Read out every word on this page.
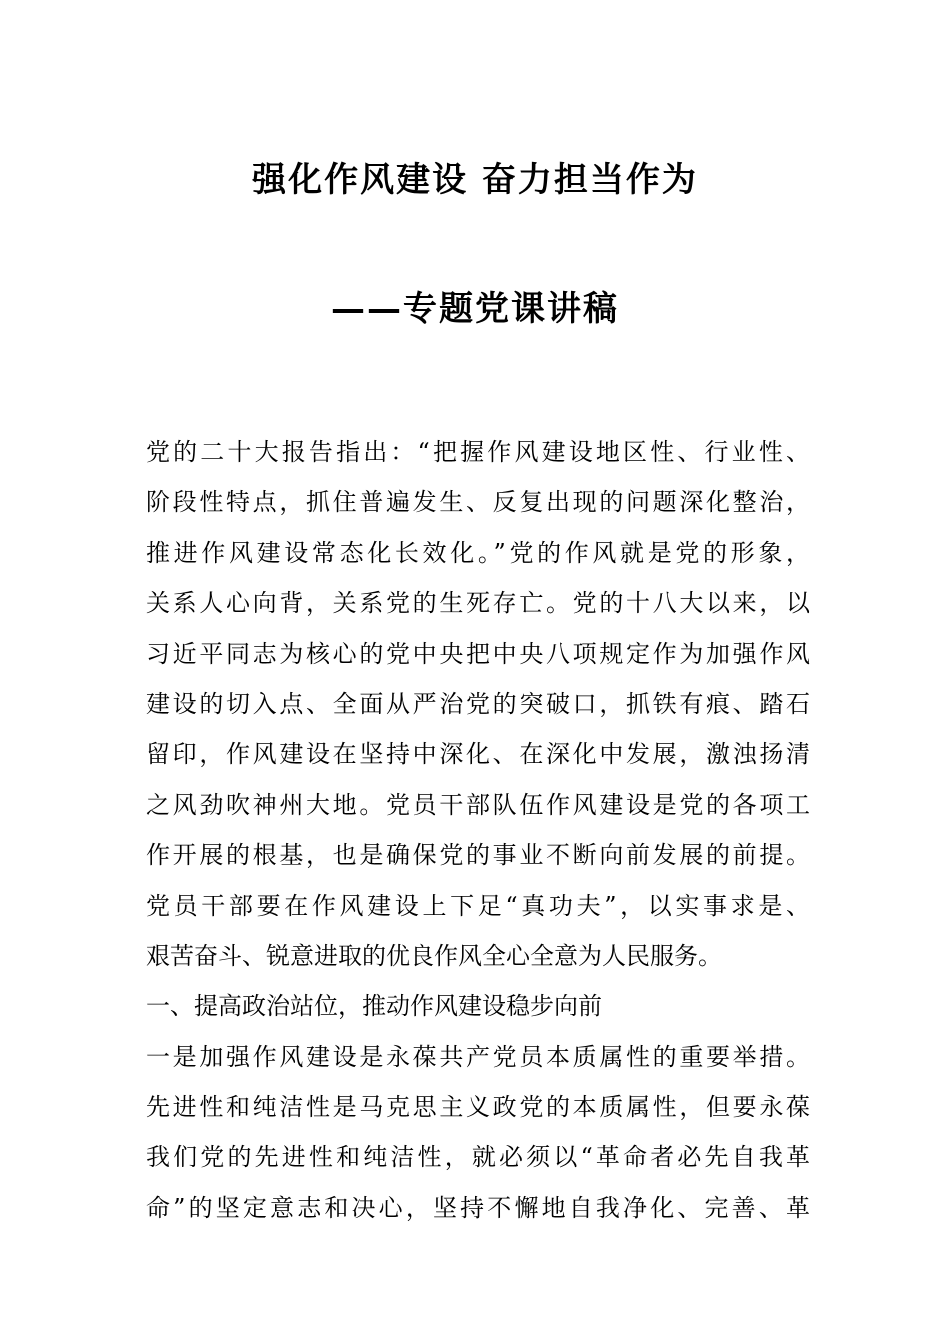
强化作风建设 奋力担当作为
——专题党课讲稿
党的二十大报告指出：“把握作风建设地区性、行业性、
阶段性特点，抓住普遍发生、反复出现的问题深化整治，
推进作风建设常态化长效化。”党的作风就是党的形象，
关系人心向背，关系党的生死存亡。党的十八大以来，以
习近平同志为核心的党中央把中央八项规定作为加强作风
建设的切入点、全面从严治党的突破口，抓铁有痕、踏石
留印，作风建设在坚持中深化、在深化中发展，激浊扬清
之风劲吹神州大地。党员干部队伍作风建设是党的各项工
作开展的根基，也是确保党的事业不断向前发展的前提。
党员干部要在作风建设上下足“真功夫”，以实事求是、
艰苦奋斗、锐意进取的优良作风全心全意为人民服务。
一、提高政治站位，推动作风建设稳步向前
一是加强作风建设是永葆共产党员本质属性的重要举措。
先进性和纯洁性是马克思主义政党的本质属性，但要永葆
我们党的先进性和纯洁性，就必须以“革命者必先自我革
命”的坚定意志和决心，坚持不懈地自我净化、完善、革
